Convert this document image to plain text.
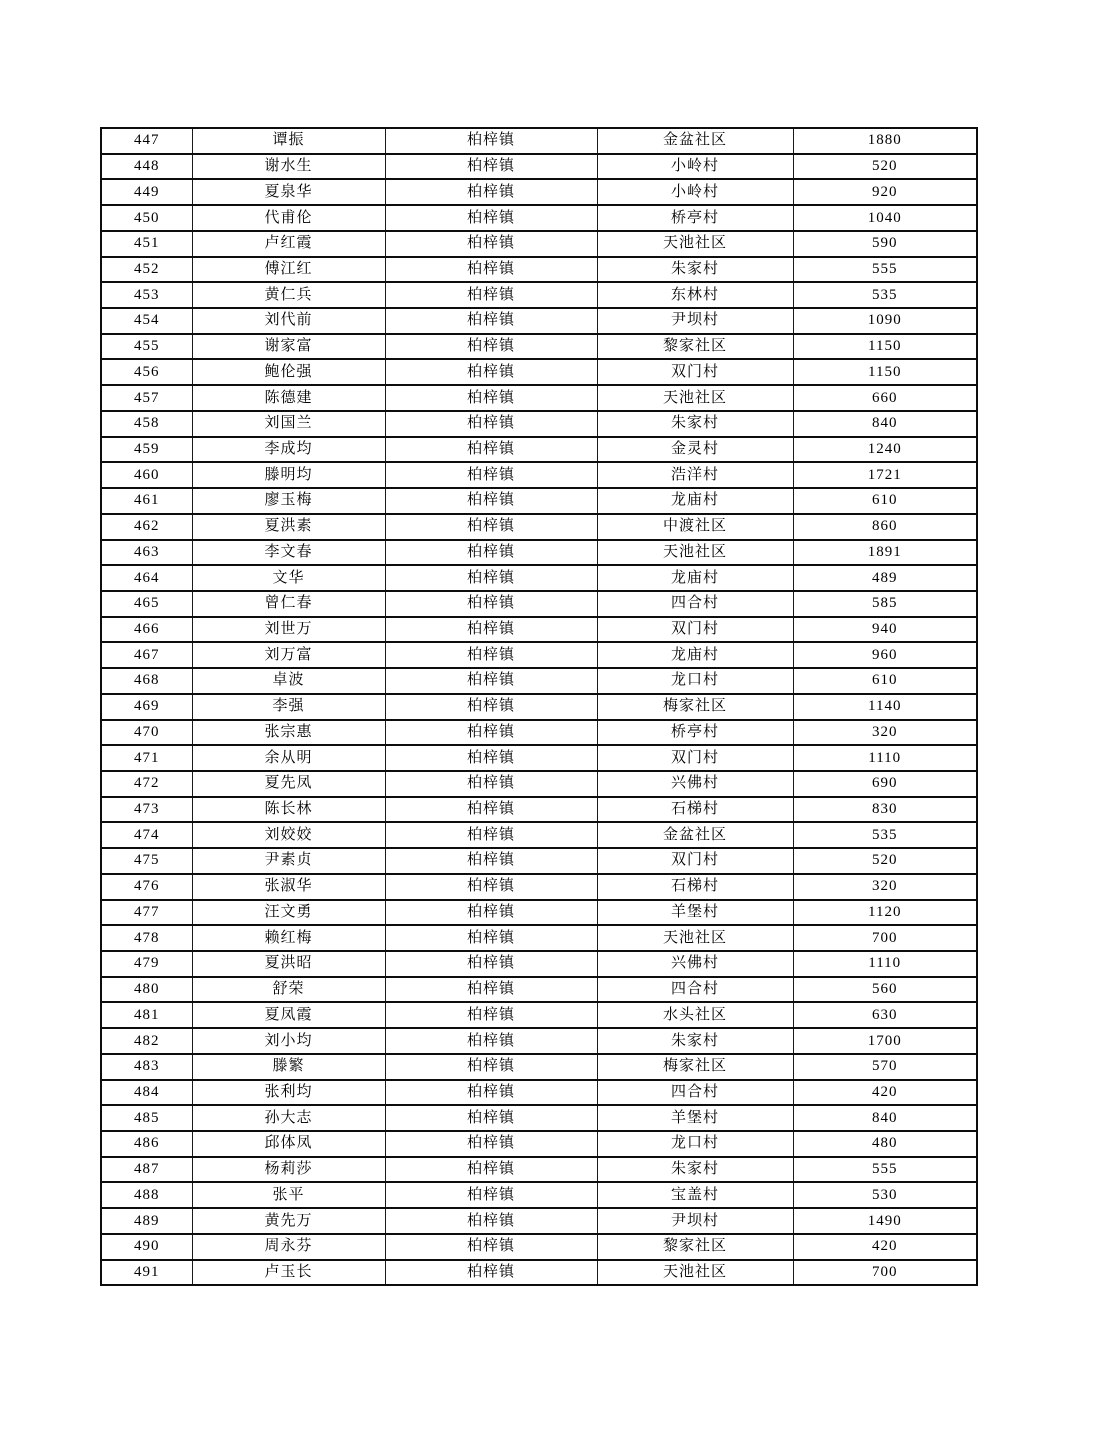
447	谭振	柏梓镇	金盆社区	1880
448	谢水生	柏梓镇	小岭村	520
449	夏泉华	柏梓镇	小岭村	920
450	代甫伦	柏梓镇	桥亭村	1040
451	卢红霞	柏梓镇	天池社区	590
452	傅江红	柏梓镇	朱家村	555
453	黄仁兵	柏梓镇	东林村	535
454	刘代前	柏梓镇	尹坝村	1090
455	谢家富	柏梓镇	黎家社区	1150
456	鲍伦强	柏梓镇	双门村	1150
457	陈德建	柏梓镇	天池社区	660
458	刘国兰	柏梓镇	朱家村	840
459	李成均	柏梓镇	金灵村	1240
460	滕明均	柏梓镇	浩洋村	1721
461	廖玉梅	柏梓镇	龙庙村	610
462	夏洪素	柏梓镇	中渡社区	860
463	李文春	柏梓镇	天池社区	1891
464	文华	柏梓镇	龙庙村	489
465	曾仁春	柏梓镇	四合村	585
466	刘世万	柏梓镇	双门村	940
467	刘万富	柏梓镇	龙庙村	960
468	卓波	柏梓镇	龙口村	610
469	李强	柏梓镇	梅家社区	1140
470	张宗惠	柏梓镇	桥亭村	320
471	余从明	柏梓镇	双门村	1110
472	夏先凤	柏梓镇	兴佛村	690
473	陈长林	柏梓镇	石梯村	830
474	刘姣姣	柏梓镇	金盆社区	535
475	尹素贞	柏梓镇	双门村	520
476	张淑华	柏梓镇	石梯村	320
477	汪文勇	柏梓镇	羊堡村	1120
478	赖红梅	柏梓镇	天池社区	700
479	夏洪昭	柏梓镇	兴佛村	1110
480	舒荣	柏梓镇	四合村	560
481	夏凤霞	柏梓镇	水头社区	630
482	刘小均	柏梓镇	朱家村	1700
483	滕繁	柏梓镇	梅家社区	570
484	张利均	柏梓镇	四合村	420
485	孙大志	柏梓镇	羊堡村	840
486	邱体凤	柏梓镇	龙口村	480
487	杨莉莎	柏梓镇	朱家村	555
488	张平	柏梓镇	宝盖村	530
489	黄先万	柏梓镇	尹坝村	1490
490	周永芬	柏梓镇	黎家社区	420
491	卢玉长	柏梓镇	天池社区	700
